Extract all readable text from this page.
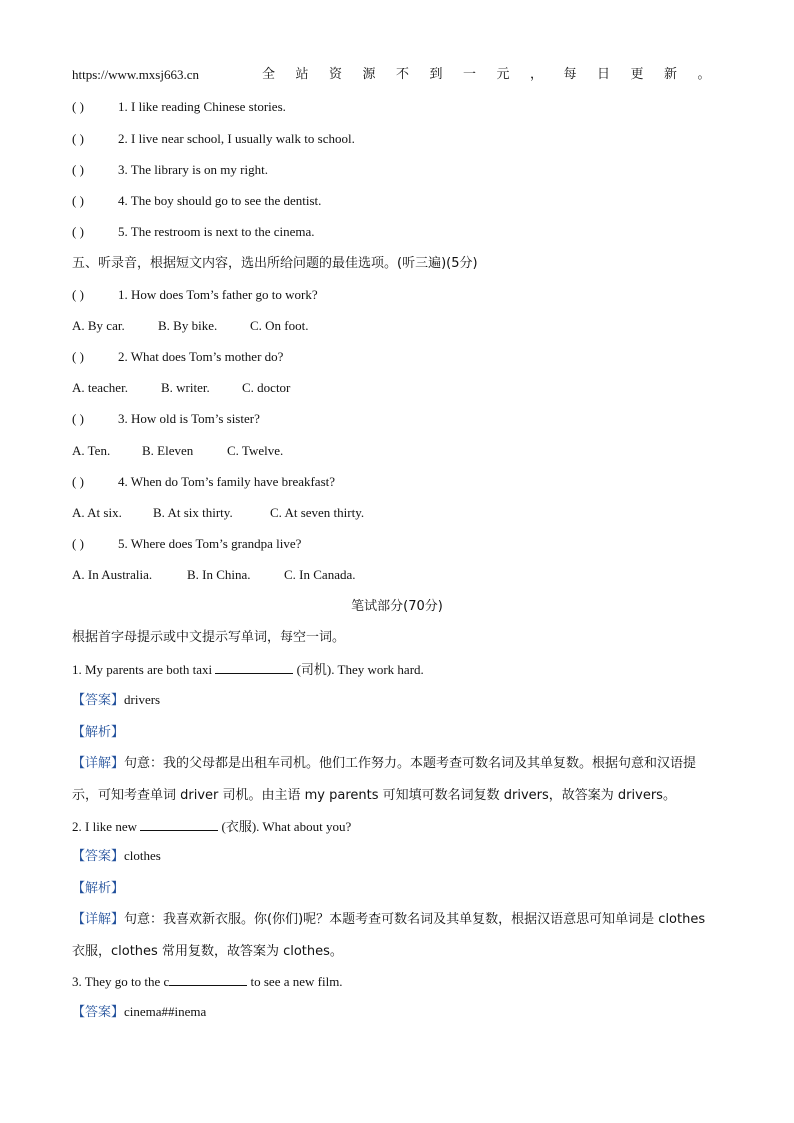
https://www.mxsj663.cn	全站资源不到一元，每日更新。
( )	1. I like reading Chinese stories.
( )	2. I live near school, I usually walk to school.
( )	3. The library is on my right.
( )	4. The boy should go to see the dentist.
( )	5. The restroom is next to the cinema.
五、听录音，根据短文内容，选出所给问题的最佳选项。(听三遍)(5分)
( )	1. How does Tom’s father go to work?
A. By car.	B. By bike.	C. On foot.
( )	2. What does Tom’s mother do?
A. teacher.	B. writer. C. doctor
( )	3. How old is Tom’s sister?
A. Ten. B. Eleven	C. Twelve.
( )	4. When do Tom’s family have breakfast?
A. At six. B. At six thirty.	C. At seven thirty.
( )	5. Where does Tom’s grandpa live?
A. In Australia.	B. In China.	C. In Canada.
笔试部分(70分)
根据首字母提示或中文提示写单词，每空一词。
1. My parents are both taxi	(司机). They work hard.
【答案】drivers
【解析】
【详解】句意：我的父母都是出租车司机。他们工作努力。本题考查可数名词及其单复数。根据句意和汉语提示，可知考查单词 driver 司机。由主语 my parents 可知填可数名词复数 drivers，故答案为 drivers。
2. I like new	(衣服). What about you?
【答案】clothes
【解析】
【详解】句意：我喜欢新衣服。你(你们)呢？本题考查可数名词及其单复数，根据汉语意思可知单词是 clothes 衣服，clothes 常用复数，故答案为 clothes。
3. They go to the c	to see a new film.
【答案】cinema##inema
